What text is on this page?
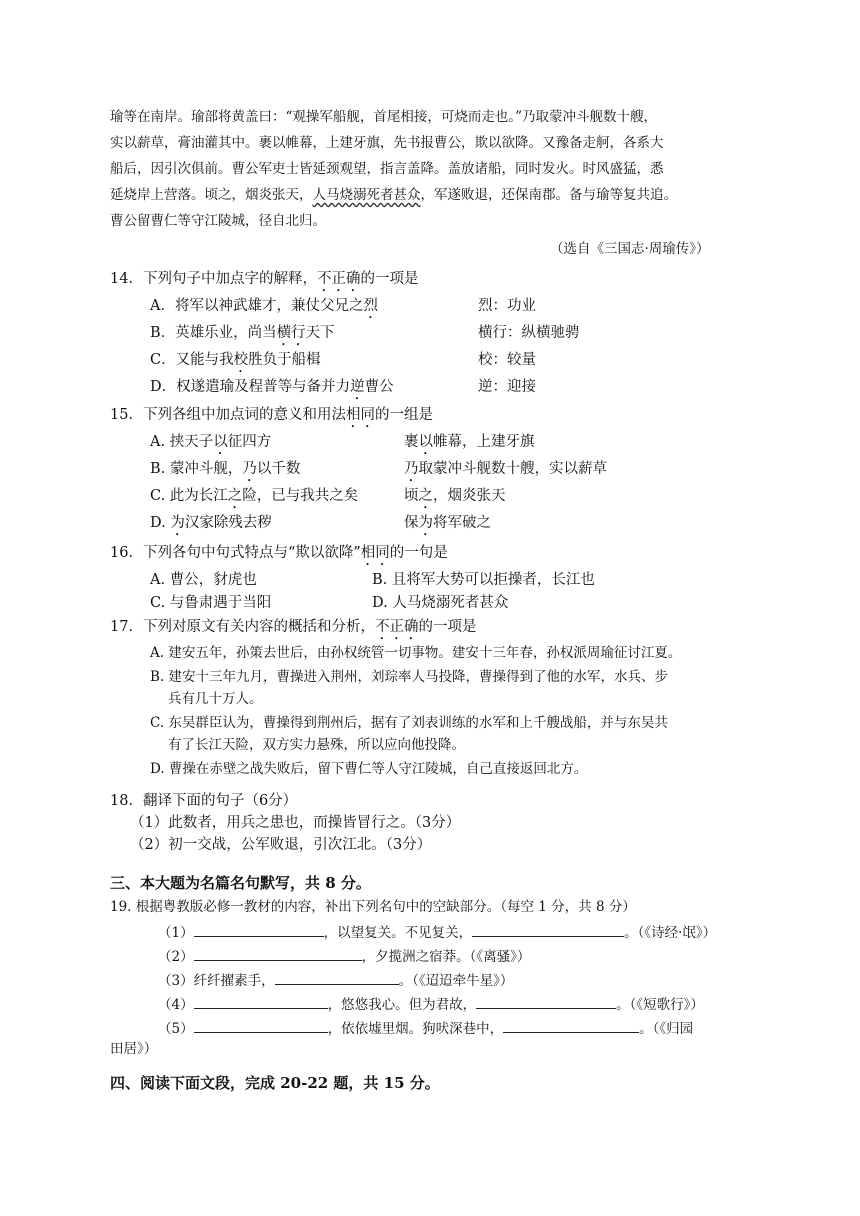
瑜等在南岸。瑜部将黄盖曰：“观操军船舰，首尾相接，可烧而走也。”乃取蒙冲斗舰数十艘，
实以薪草，膏油灌其中。裹以帷幕，上建牙旗，先书报曹公，欺以欲降。又豫备走舸，各系大
船后，因引次俱前。曹公军吏士皆延颈观望，指言盖降。盖放诸船，同时发火。时风盛猛，悉
延烧岸上营落。顷之，烟炎张天，人马烧溺死者甚众，军遂败退，还保南郡。备与瑜等复共追。
曹公留曹仁等守江陵城，径自北归。
（选自《三国志·周瑜传》）
14．下列句子中加点字的解释，不正确的一项是
A．将军以神武雄才，兼仗父兄之烈	烈：功业
B．英雄乐业，尚当横行天下	横行：纵横驰骋
C．又能与我校胜负于船楫	校：较量
D．权遂遣瑜及程普等与备并力逆曹公	逆：迎接
15．下列各组中加点词的意义和用法相同的一组是
A. 挟天子以征四方	裹以帷幕，上建牙旗
B. 蒙冲斗舰，乃以千数	乃取蒙冲斗舰数十艘，实以薪草
C. 此为长江之险，已与我共之矣	顷之，烟炎张天
D. 为汉家除残去秽	保为将军破之
16．下列各句中句式特点与“欺以欲降”相同的一句是
A. 曹公，豺虎也	B. 且将军大势可以拒操者，长江也
C. 与鲁肃遇于当阳	D. 人马烧溺死者甚众
17．下列对原文有关内容的概括和分析，不正确的一项是
A. 建安五年，孙策去世后，由孙权统管一切事物。建安十三年春，孙权派周瑜征讨江夏。
B. 建安十三年九月，曹操进入荆州，刘琮率人马投降，曹操得到了他的水军，水兵、步
兵有几十万人。
C. 东吴群臣认为，曹操得到荆州后，据有了刘表训练的水军和上千艘战船，并与东吴共
有了长江天险，双方实力悬殊，所以应向他投降。
D. 曹操在赤壁之战失败后，留下曹仁等人守江陵城，自己直接返回北方。
18．翻译下面的句子（6分）
（1）此数者，用兵之患也，而操皆冒行之。（3分）
（2）初一交战，公军败退，引次江北。（3分）
三、本大题为名篇名句默写，共 8 分。
19. 根据粤教版必修一教材的内容，补出下列名句中的空缺部分。（每空 1 分，共 8 分）
（1）	，以望复关。不见复关，	。（《诗经·氓》）
（2）	，夕揽洲之宿莽。（《离骚》）
（3）纤纤擢素手，	。（《迢迢牵牛星》）
（4）	，悠悠我心。但为君故，	。（《短歌行》）
（5）	，依依墟里烟。狗吠深巷中，	。（《归园
田居》）
四、阅读下面文段，完成 20-22 题，共 15 分。
